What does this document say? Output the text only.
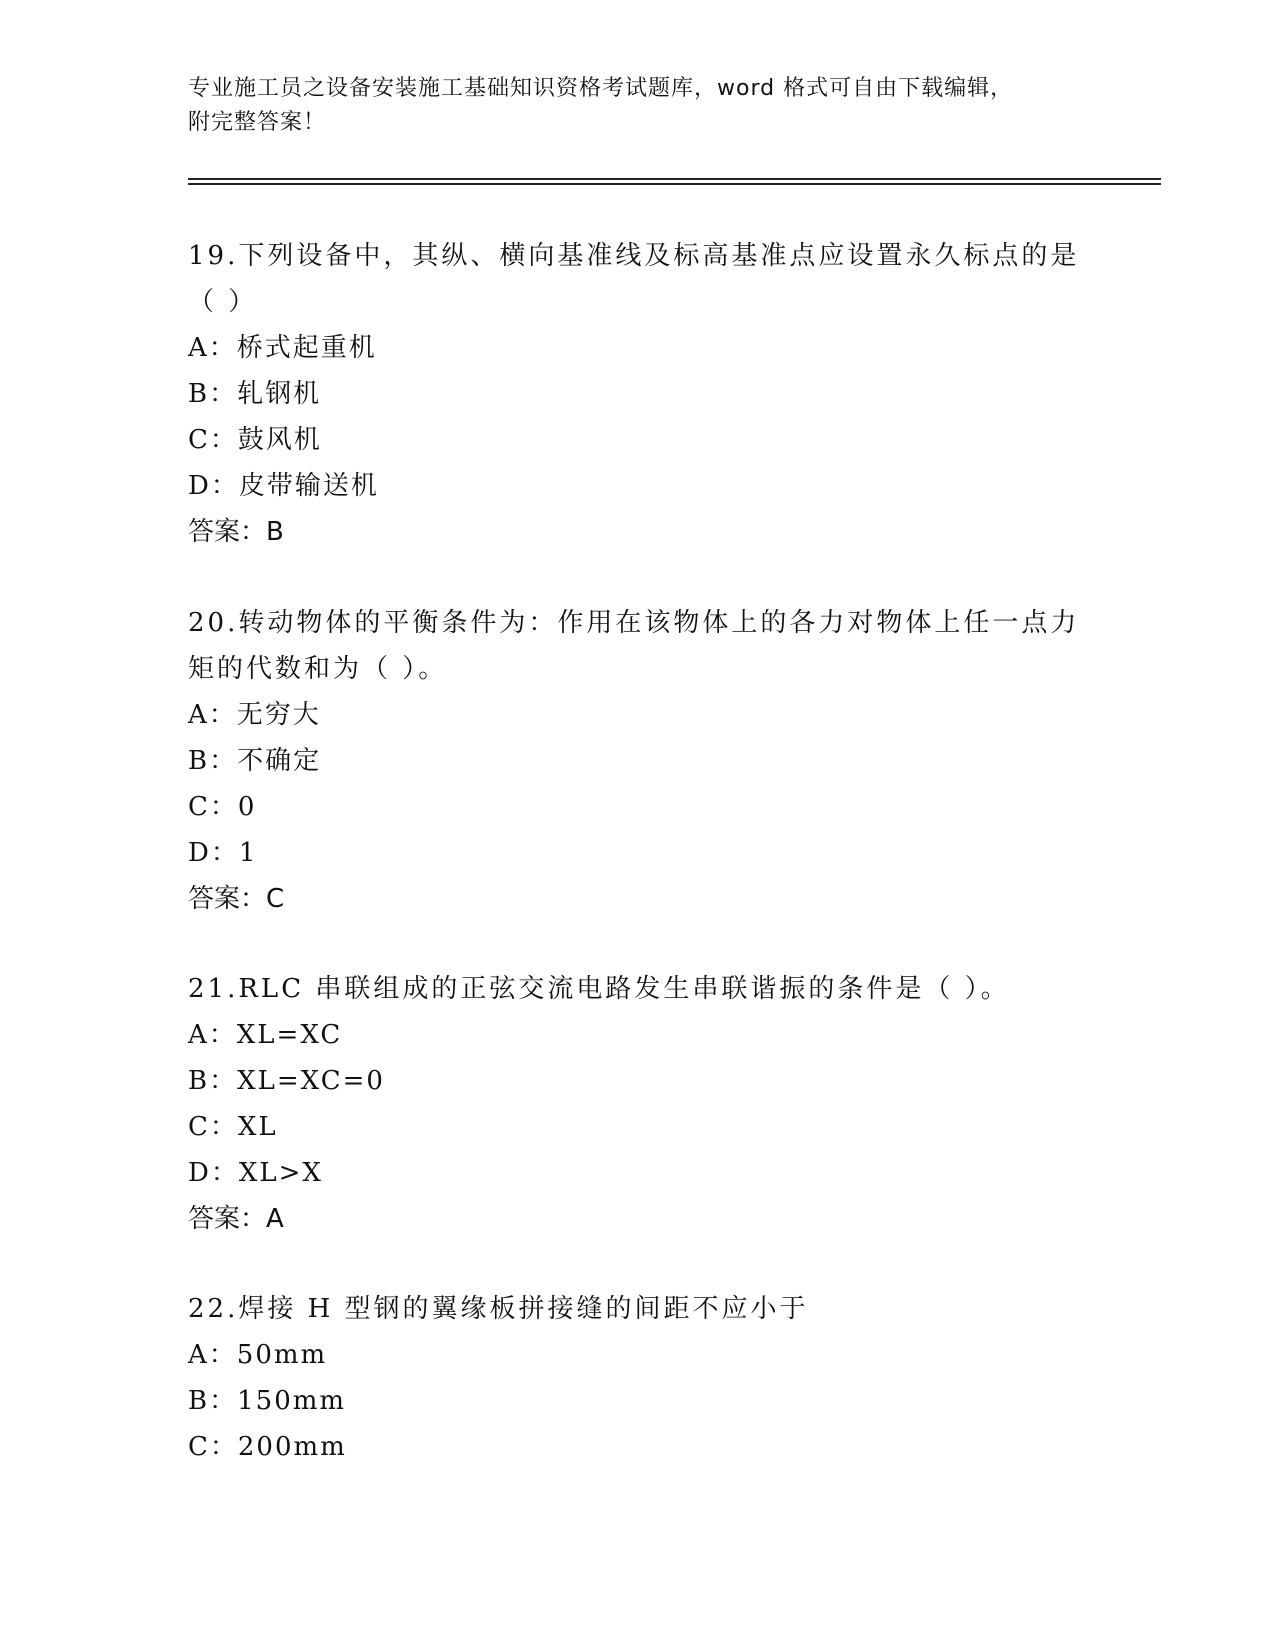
专业施工员之设备安装施工基础知识资格考试题库，word 格式可自由下载编辑，
附完整答案！

19.下列设备中，其纵、横向基准线及标高基准点应设置永久标点的是（ ）

A：桥式起重机

B：轧钢机

C：鼓风机

D：皮带输送机

答案：B

20.转动物体的平衡条件为：作用在该物体上的各力对物体上任一点力矩的代数和为（ ）。

A：无穷大

B：不确定

C：0

D：1

答案：C

21.RLC 串联组成的正弦交流电路发生串联谐振的条件是（ ）。

A：XL=XC

B：XL=XC=0

C：XL

D：XL>X

答案：A

22.焊接 H 型钢的翼缘板拼接缝的间距不应小于

A：50mm

B：150mm

C：200mm
